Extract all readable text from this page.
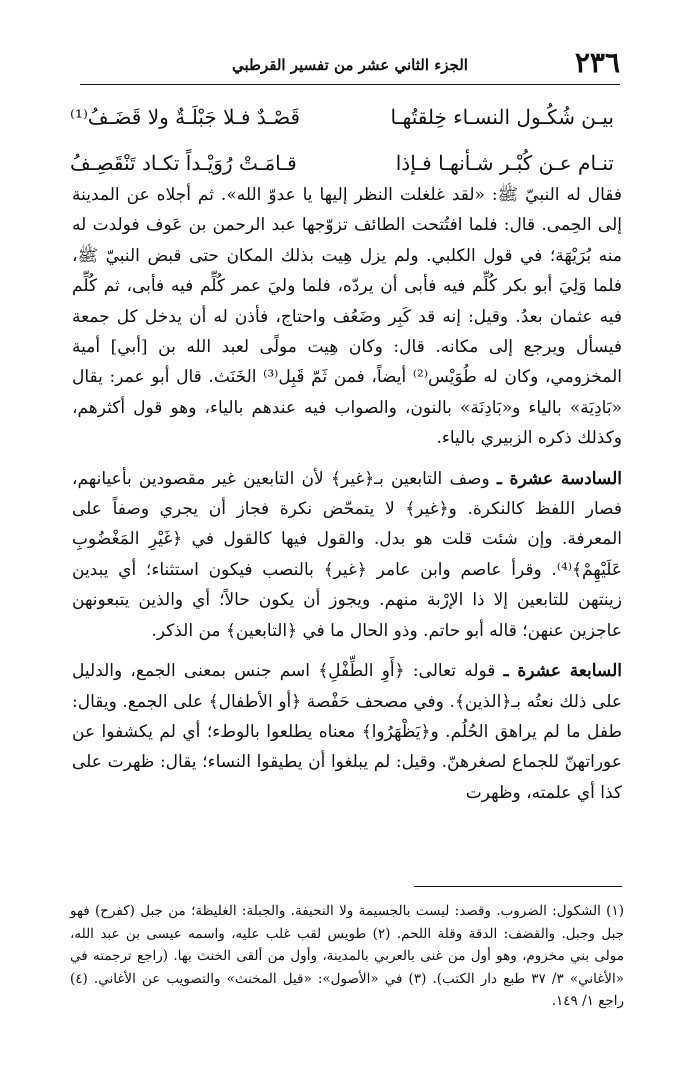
٢٣٦
الجزء الثاني عشر من تفسير القرطبي
بيـن شُكُـول النسـاء خِلقتُهـا
قَصْـدٌ فـلا جَبْلَـةٌ ولا قَضَـفُ⁽¹⁾
تنـام عـن كُبْـر شـأنهـا فـإذا
قـامَـتْ رُوَيْـداً تكـاد تَنْقَصِـفُ

فقال له النبيّ ﷺ: «لقد غلغلت النظر إليها يا عدوّ الله». ثم أجلاه عن المدينة إلى الحِمى. قال: فلما افتُتحت الطائف تزوّجها عبد الرحمن بن عَوف فولدت له منه بُرَيْهَة؛ في قول الكلبي. ولم يزل هِيت بذلك المكان حتى قبض النبيّ ﷺ، فلما وَلِيَ أبو بكر كُلِّم فيه فأبى أن يردّه، فلما وليَ عمر كُلِّم فيه فأبى، ثم كُلِّم فيه عثمان بعدُ. وقيل: إنه قد كَبِر وضَعُف واحتاج، فأذن له أن يدخل كل جمعة فيسأل ويرجع إلى مكانه. قال: وكان هِيت مولًى لعبد الله بن [أبي] أمية المخزومي، وكان له طُوَيْس⁽²⁾ أيضاً، فمن ثَمّ قَبِل⁽³⁾ الخَنَث. قال أبو عمر: يقال «بَادِيَة» بالياء و«بَادِنَة» بالنون، والصواب فيه عندهم بالياء، وهو قول أكثرهم، وكذلك ذكره الزبيري بالياء.

السادسة عشرة ـ وصف التابعين بـ﴿غير﴾ لأن التابعين غير مقصودين بأعيانهم، فصار اللفظ كالنكرة. و﴿غير﴾ لا يتمحّض نكرة فجاز أن يجري وصفاً على المعرفة. وإن شئت قلت هو بدل. والقول فيها كالقول في ﴿غَيْرِ المَغْضُوبِ عَلَيْهِمْ﴾⁽⁴⁾. وقرأ عاصم وابن عامر ﴿غير﴾ بالنصب فيكون استثناء؛ أي يبدين زينتهن للتابعين إلا ذا الإرْبة منهم. ويجوز أن يكون حالاً؛ أي والذين يتبعونهن عاجزين عنهن؛ قاله أبو حاتم. وذو الحال ما في ﴿التابعين﴾ من الذكر.

السابعة عشرة ـ قوله تعالى: ﴿أَوِ الطِّفْلِ﴾ اسم جنس بمعنى الجمع، والدليل على ذلك نعتُه بـ﴿الذين﴾. وفي مصحف حَفْصة ﴿أو الأطفال﴾ على الجمع. ويقال: طفل ما لم يراهق الحُلُم. و﴿يَظْهَرُوا﴾ معناه يطلعوا بالوطء؛ أي لم يكشفوا عن عوراتهنّ للجماع لصغرهنّ. وقيل: لم يبلغوا أن يطيقوا النساء؛ يقال: ظهرت على كذا أي علمته، وظهرت

(١) الشكول: الضروب. وقصد: ليست بالجسيمة ولا النحيفة. والجبلة: الغليظة؛ من جبل (كفرح) فهو جبل وجبل. والقضف: الدقة وقلة اللحم. (٢) طويس لقب غلب عليه، واسمه عيسى بن عبد الله، مولى بني مخزوم، وهو أول من غنى بالعربي بالمدينة، وأول من ألقى الخنث بها. (راجع ترجمته في «الأغاني» ٣/ ٣٧ طبع دار الكتب). (٣) في «الأصول»: «قيل المخنث» والتصويب عن الأغاني. (٤) راجع ١/ ١٤٩.
